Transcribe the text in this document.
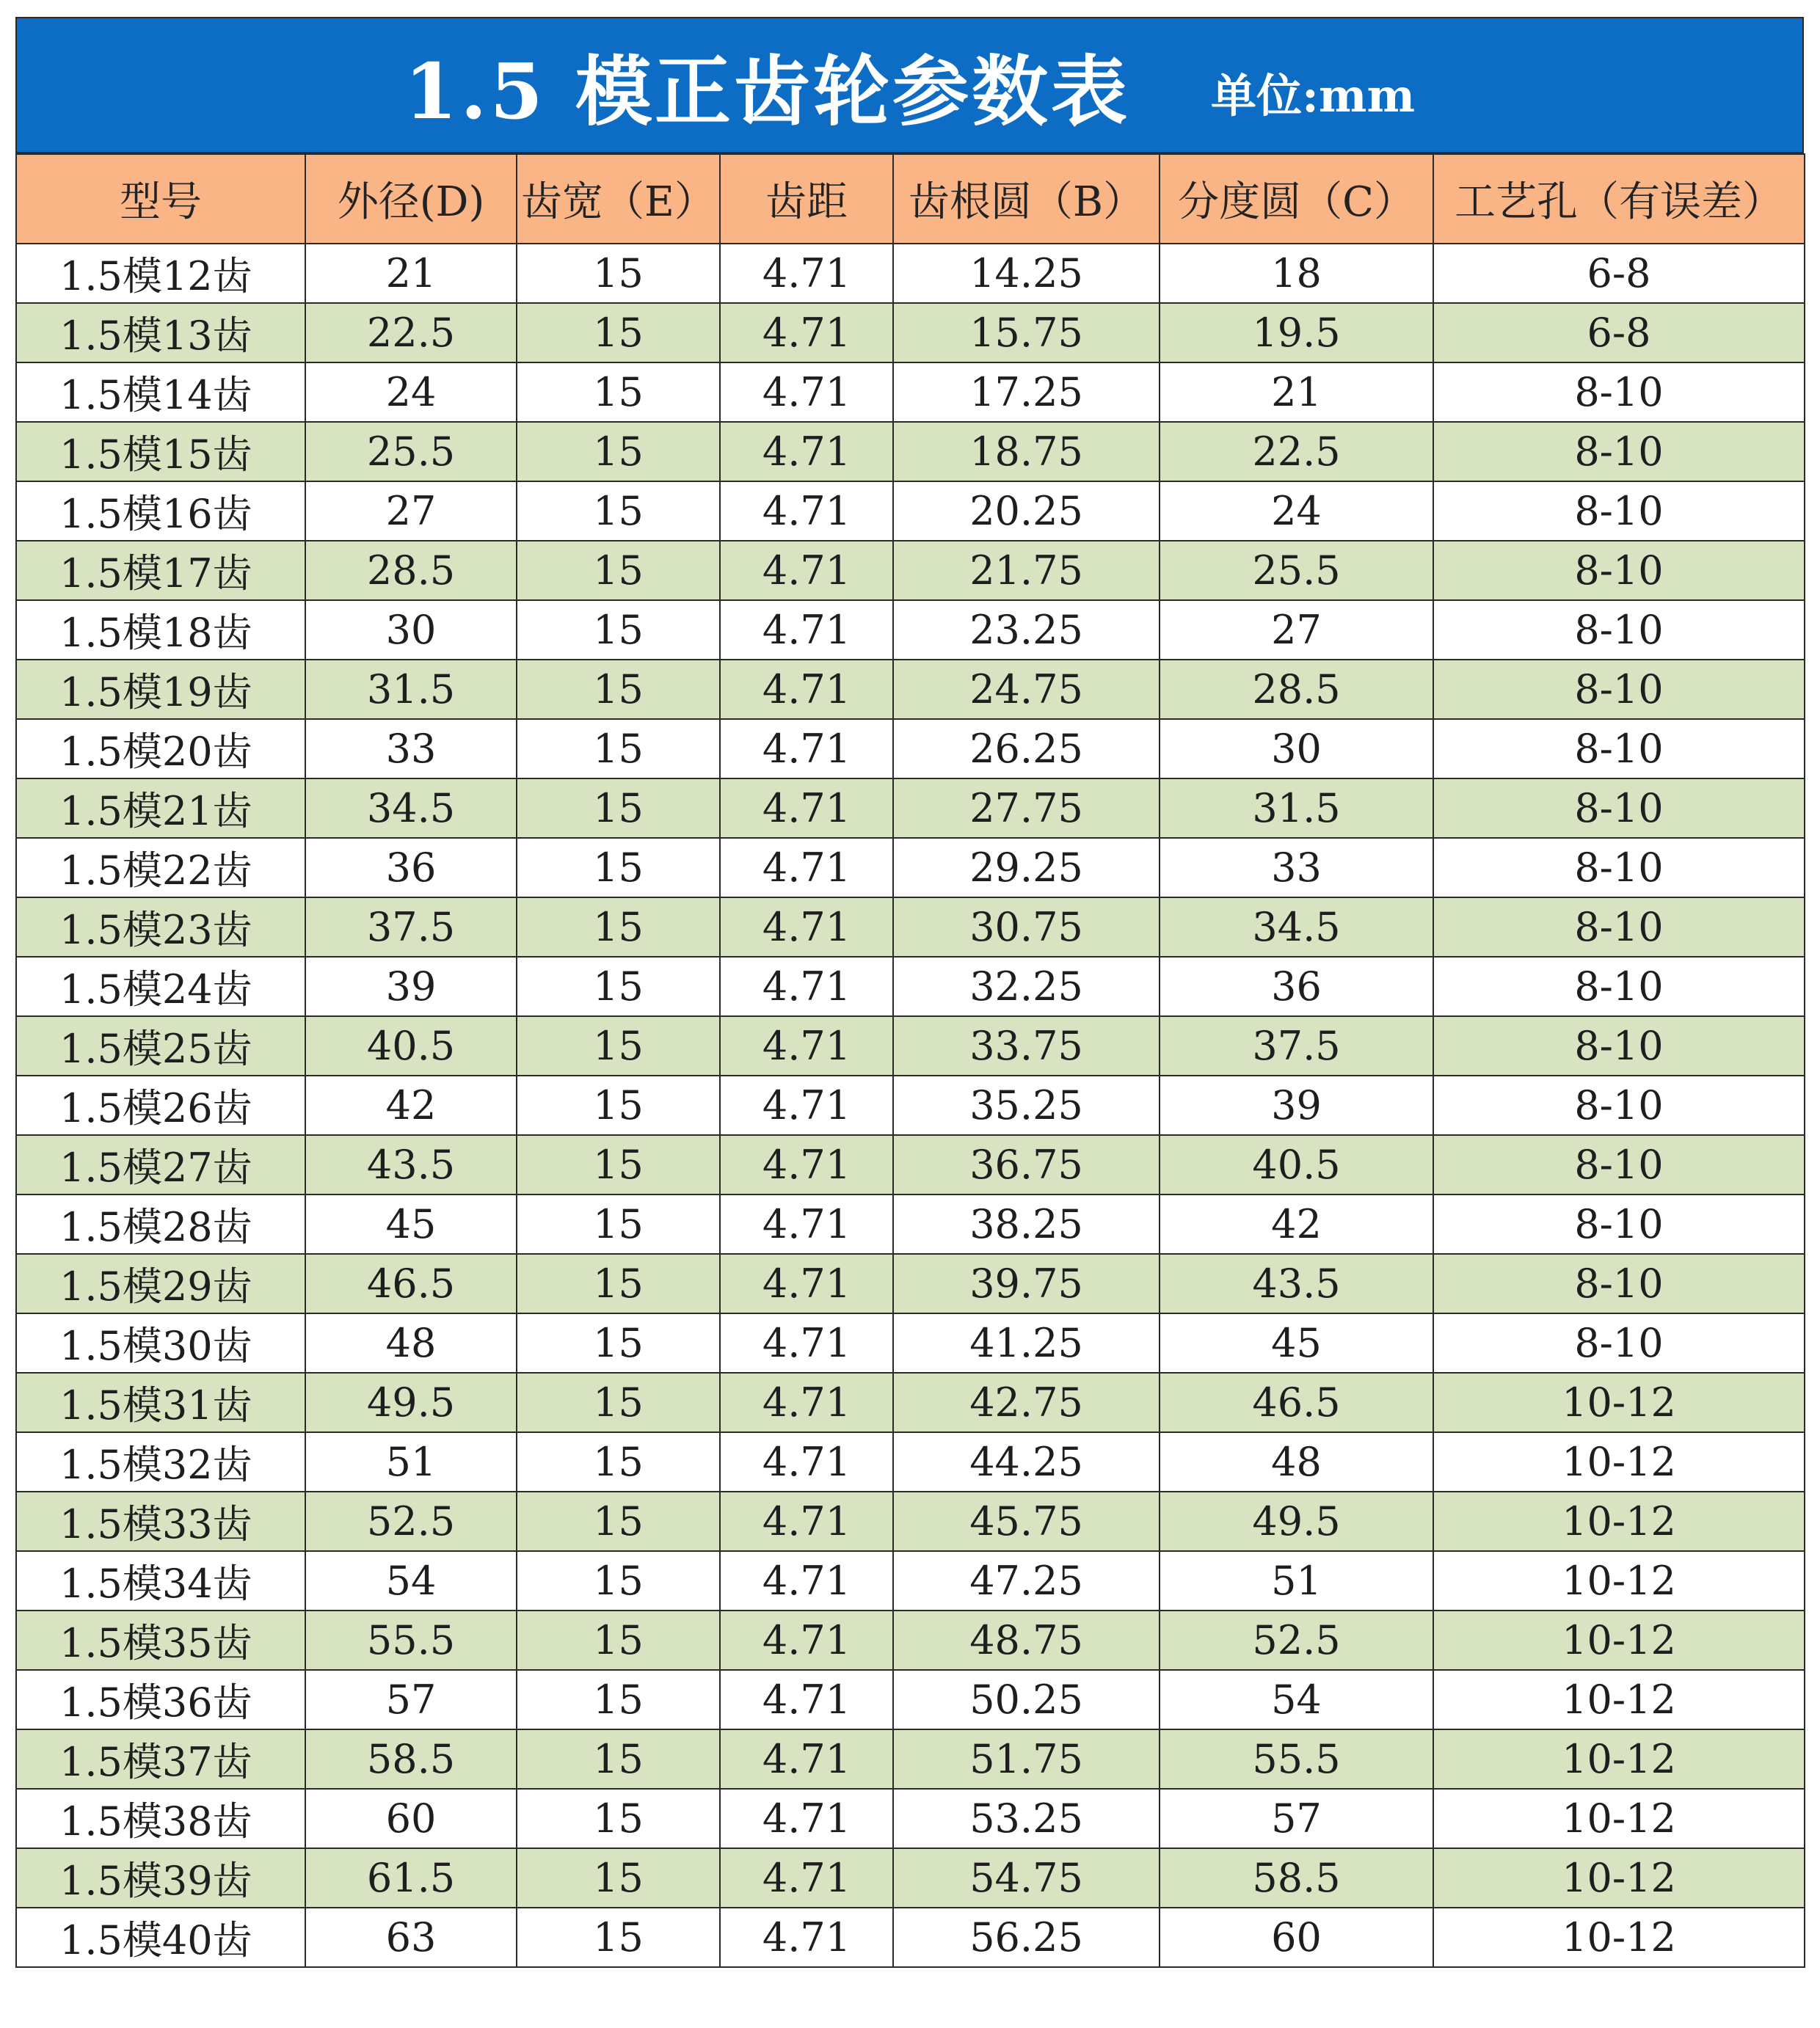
1.5 模正齿轮参数表 单位:mm
型号	外径(D)	齿宽（E）	齿距	齿根圆（B）	分度圆（C）	工艺孔（有误差）
1.5模12齿	21	15	4.71	14.25	18	6-8
1.5模13齿	22.5	15	4.71	15.75	19.5	6-8
1.5模14齿	24	15	4.71	17.25	21	8-10
1.5模15齿	25.5	15	4.71	18.75	22.5	8-10
1.5模16齿	27	15	4.71	20.25	24	8-10
1.5模17齿	28.5	15	4.71	21.75	25.5	8-10
1.5模18齿	30	15	4.71	23.25	27	8-10
1.5模19齿	31.5	15	4.71	24.75	28.5	8-10
1.5模20齿	33	15	4.71	26.25	30	8-10
1.5模21齿	34.5	15	4.71	27.75	31.5	8-10
1.5模22齿	36	15	4.71	29.25	33	8-10
1.5模23齿	37.5	15	4.71	30.75	34.5	8-10
1.5模24齿	39	15	4.71	32.25	36	8-10
1.5模25齿	40.5	15	4.71	33.75	37.5	8-10
1.5模26齿	42	15	4.71	35.25	39	8-10
1.5模27齿	43.5	15	4.71	36.75	40.5	8-10
1.5模28齿	45	15	4.71	38.25	42	8-10
1.5模29齿	46.5	15	4.71	39.75	43.5	8-10
1.5模30齿	48	15	4.71	41.25	45	8-10
1.5模31齿	49.5	15	4.71	42.75	46.5	10-12
1.5模32齿	51	15	4.71	44.25	48	10-12
1.5模33齿	52.5	15	4.71	45.75	49.5	10-12
1.5模34齿	54	15	4.71	47.25	51	10-12
1.5模35齿	55.5	15	4.71	48.75	52.5	10-12
1.5模36齿	57	15	4.71	50.25	54	10-12
1.5模37齿	58.5	15	4.71	51.75	55.5	10-12
1.5模38齿	60	15	4.71	53.25	57	10-12
1.5模39齿	61.5	15	4.71	54.75	58.5	10-12
1.5模40齿	63	15	4.71	56.25	60	10-12
